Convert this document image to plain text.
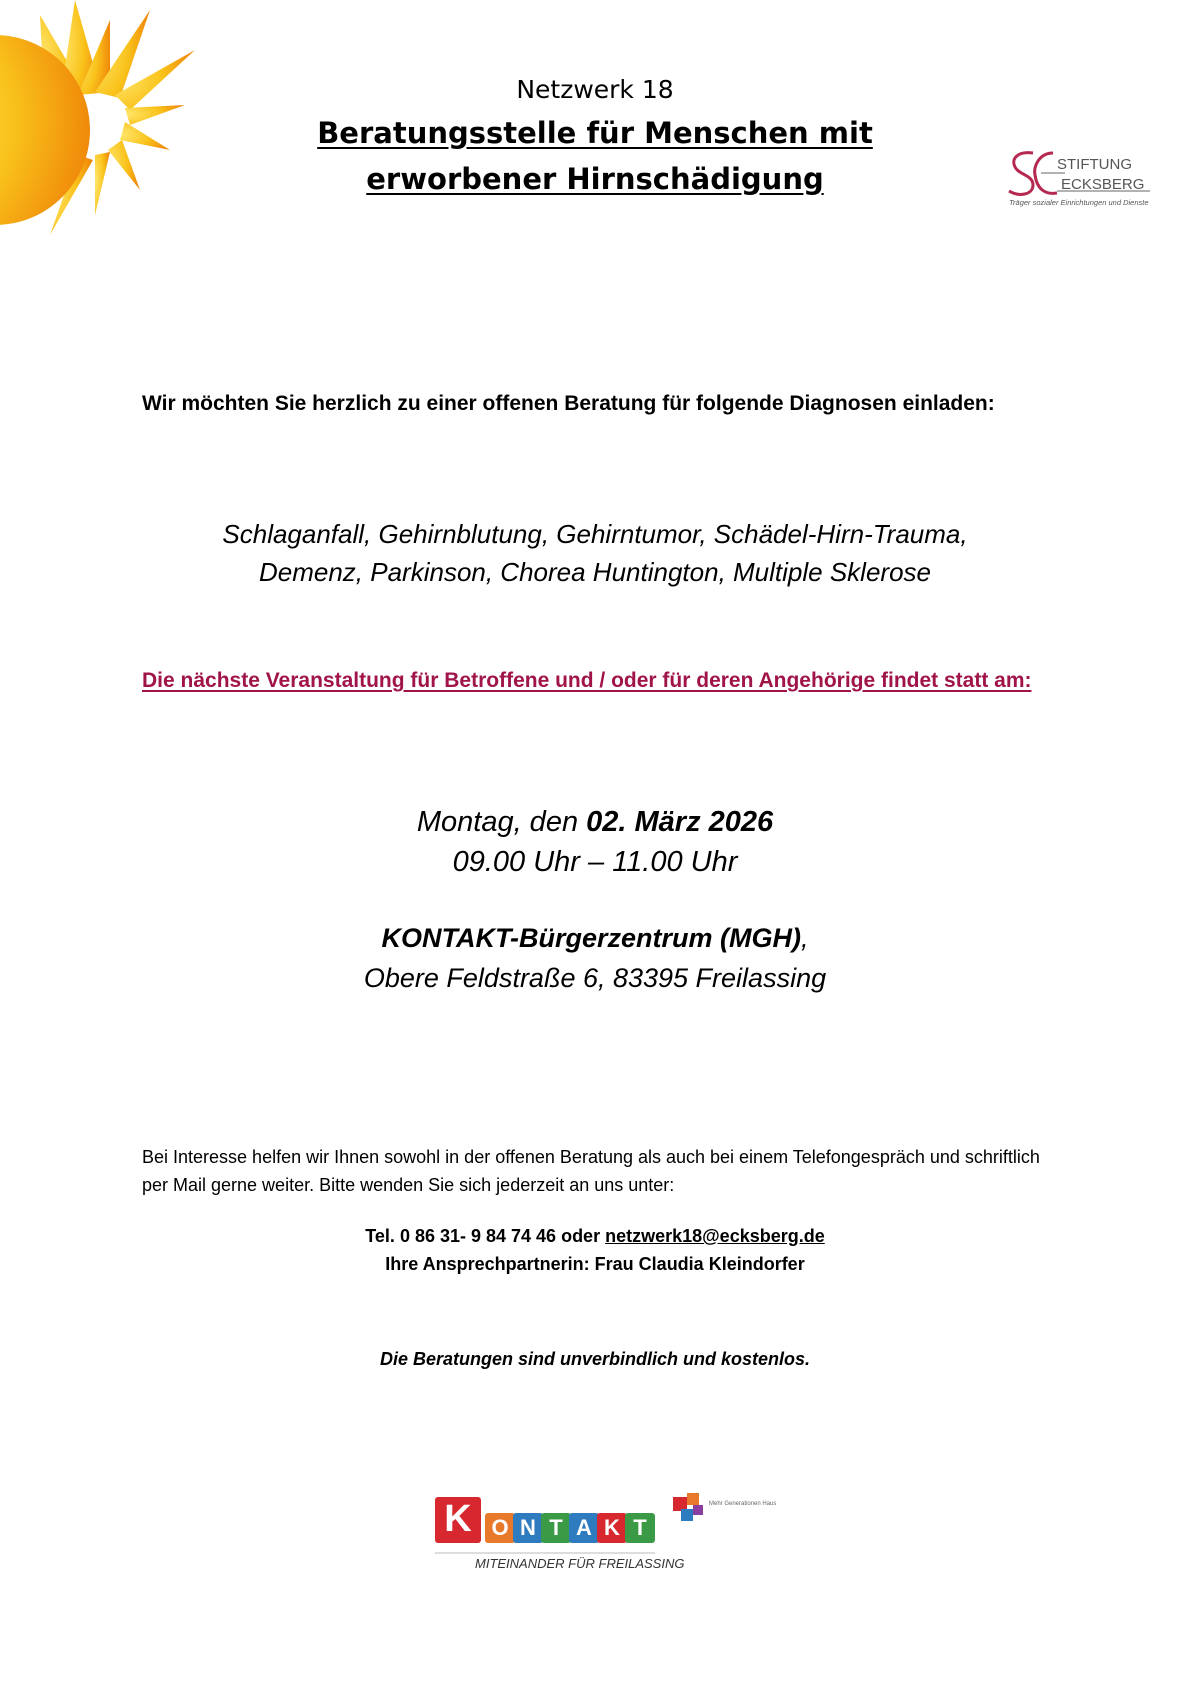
Netzwerk 18
Beratungsstelle für Menschen mit
erworbener Hirnschädigung	STIFTUNG
ECKSBERG
Träger sozialer Einrichtungen und Dienste
Wir möchten Sie herzlich zu einer offenen Beratung für folgende Diagnosen einladen:
Schlaganfall, Gehirnblutung, Gehirntumor, Schädel-Hirn-Trauma,
Demenz, Parkinson, Chorea Huntington, Multiple Sklerose
Die nächste Veranstaltung für Betroffene und / oder für deren Angehörige findet statt am:
Montag, den 02. März 2026
09.00 Uhr – 11.00 Uhr
KONTAKT-Bürgerzentrum (MGH),
Obere Feldstraße 6, 83395 Freilassing
Bei Interesse helfen wir Ihnen sowohl in der offenen Beratung als auch bei einem Telefongespräch und schriftlich per Mail gerne weiter. Bitte wenden Sie sich jederzeit an uns unter:
Tel. 0 86 31- 9 84 74 46 oder netzwerk18@ecksberg.de
Ihre Ansprechpartnerin: Frau Claudia Kleindorfer
Die Beratungen sind unverbindlich und kostenlos.
K O N T A K T
MITEINANDER FÜR FREILASSING
Mehr Generationen Haus
